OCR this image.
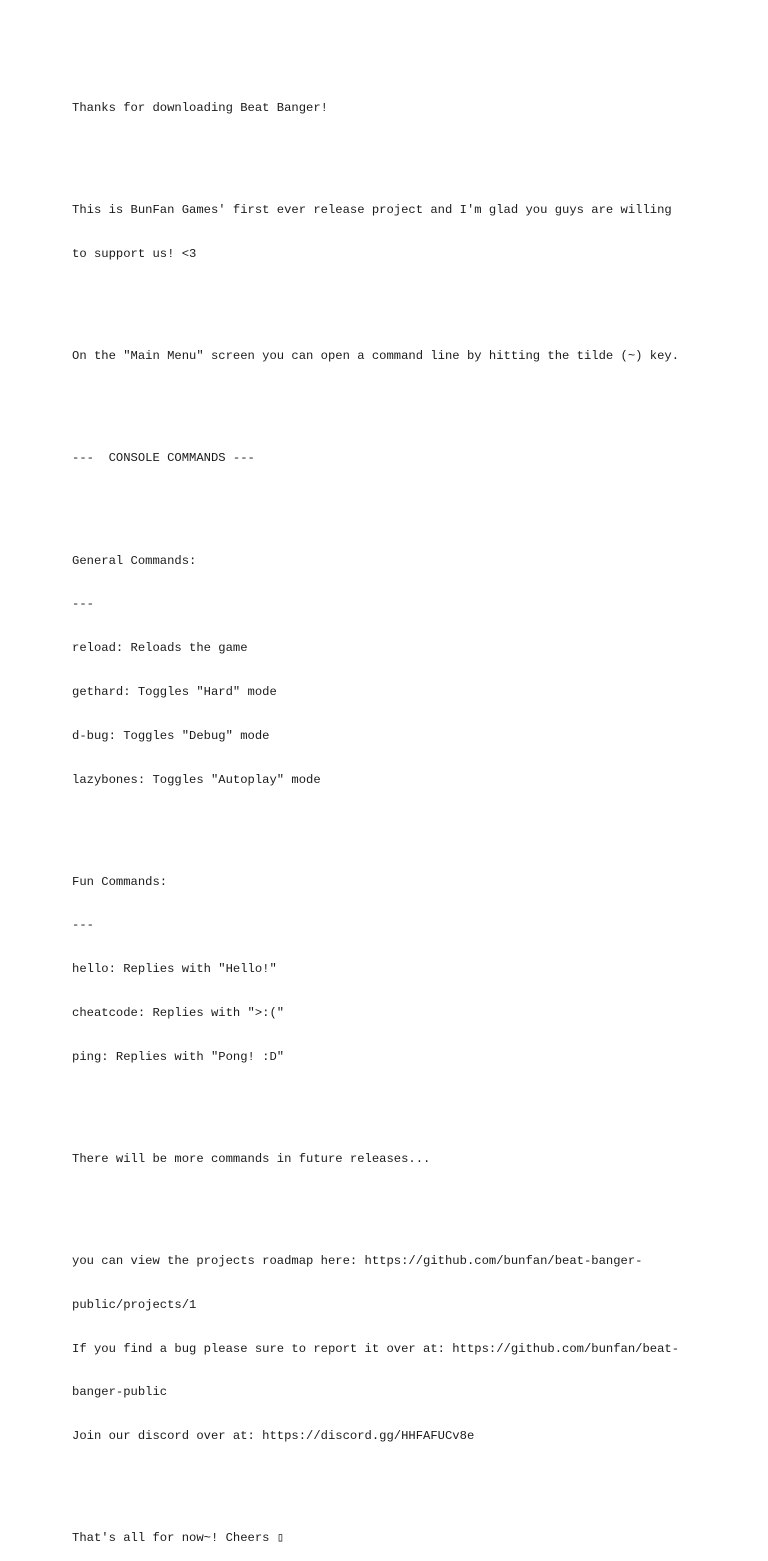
Thanks for downloading Beat Banger!

This is BunFan Games' first ever release project and I'm glad you guys are willing

to support us! <3

On the "Main Menu" screen you can open a command line by hitting the tilde (~) key.

---  CONSOLE COMMANDS ---

General Commands:

---

reload: Reloads the game

gethard: Toggles "Hard" mode

d-bug: Toggles "Debug" mode

lazybones: Toggles "Autoplay" mode

Fun Commands:

---

hello: Replies with "Hello!"

cheatcode: Replies with ">:("

ping: Replies with "Pong! :D"

There will be more commands in future releases...

you can view the projects roadmap here: https://github.com/bunfan/beat-banger-

public/projects/1

If you find a bug please sure to report it over at: https://github.com/bunfan/beat-

banger-public

Join our discord over at: https://discord.gg/HHFAFUCv8e

That's all for now~! Cheers ▯
